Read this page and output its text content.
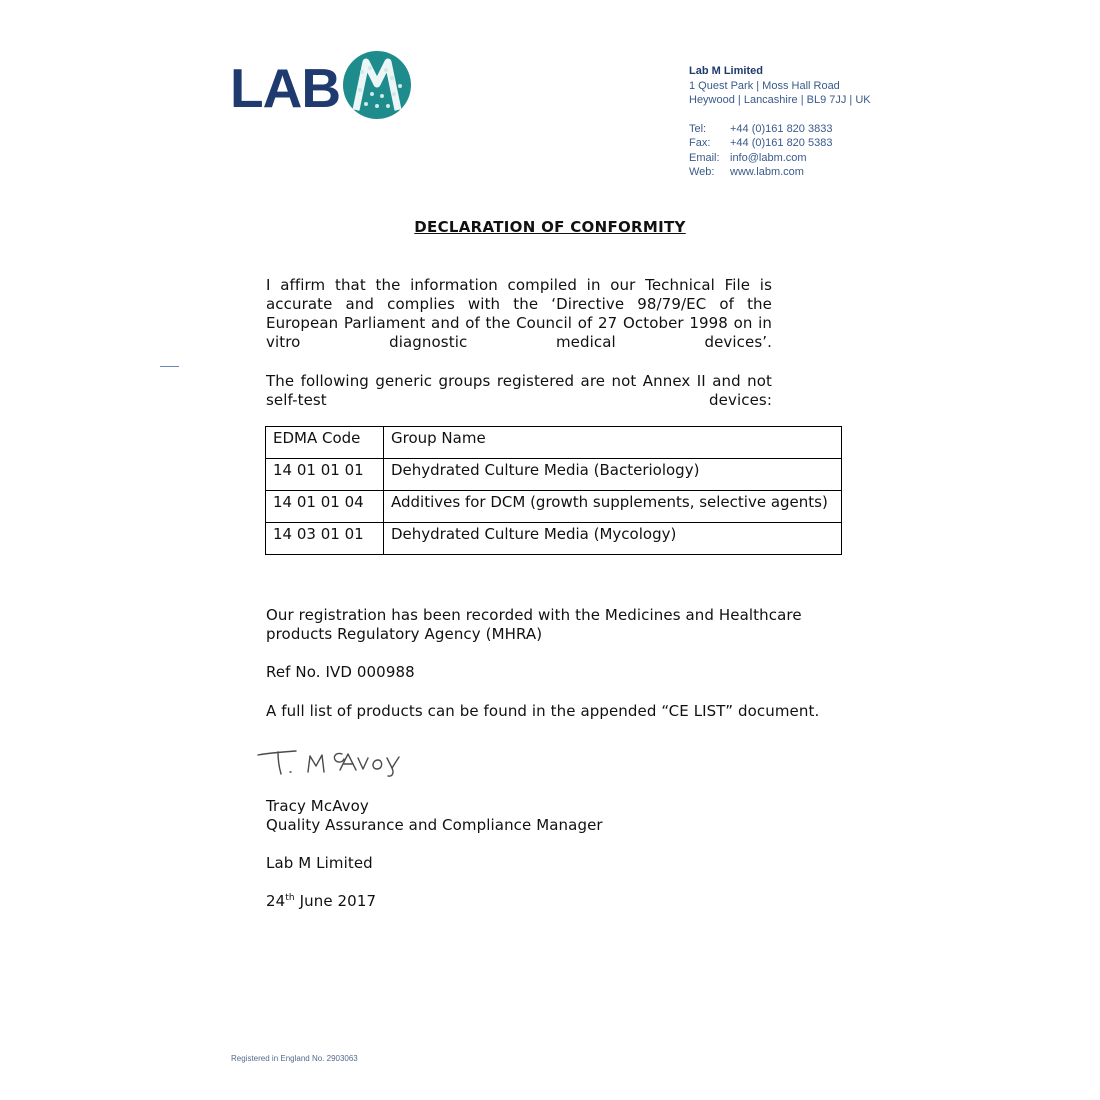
LAB	M
Lab M Limited
1 Quest Park | Moss Hall Road
Heywood | Lancashire | BL9 7JJ | UK
Tel: +44 (0)161 820 3833
Fax: +44 (0)161 820 5383
Email: info@labm.com
Web: www.labm.com
DECLARATION OF CONFORMITY
I affirm that the information compiled in our Technical File is accurate and complies with the ‘Directive 98/79/EC of the European Parliament and of the Council of 27 October 1998 on in vitro diagnostic medical devices’.
The following generic groups registered are not Annex II and not self-test devices:
EDMA Code	Group Name
14 01 01 01	Dehydrated Culture Media (Bacteriology)
14 01 01 04	Additives for DCM (growth supplements, selective agents)
14 03 01 01	Dehydrated Culture Media (Mycology)
Our registration has been recorded with the Medicines and Healthcare products Regulatory Agency (MHRA)
Ref No. IVD 000988
A full list of products can be found in the appended “CE LIST” document.
Tracy McAvoy
Quality Assurance and Compliance Manager
Lab M Limited
24th June 2017
Registered in England No. 2903063
